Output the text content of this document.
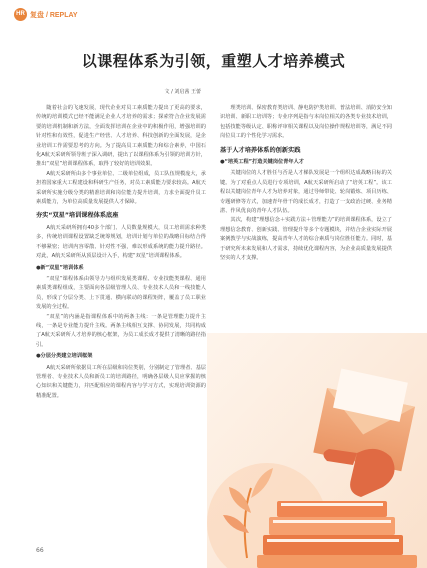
HR 复盘 / REPLAY
以课程体系为引领，重塑人才培养模式
文 / 刘启茜 王蕾

随着社会的飞速发展，现代企业对员工素质能力提出了更高的要求，传统的培训模式已经不能满足企业人才培养的需求；探索符合企业发展需要的培训机制和新方法，全面发挥培训在企业中的积极作用，增强培训的针对性和有效性，促进生产经营、人才培养、科技创新的全面发展，是企业培训工作需要思考的方向。为了提高员工素质能力和综合素养，中国石化A航天采研所领导班子深入调研，提出了以课程体系为引领的培训方针，推出“双星”培训课程体系，取得了较好的培训效果。

A航天采研所由多个事业单位、二级单位组成，员工队伍规模庞大，承担着国家重大工程建设和科研生产任务，对员工素质能力要求较高。A航天采研所实施分级分类的精准培训和岗位能力提升培训，力求全面提升员工素质能力，为单位高质量发展提供人才保障。

夯实“双星”培训课程体系底座

A航天采研所拥有40多个部门、人员数量规模大，员工培训需求种类多，传统培训课程设置缺乏统筹规划，培训计划与单位的战略目标结合得不够紧密；培训内容零散、针对性不强，难以形成系统的能力提升路径。对此，A航天采研所从顶层设计入手，构建“双星”培训课程体系。

●新“双星”培训体系

“双星”课程体系由领导力与组织发展类课程、专业技能类课程、通用素质类课程组成，主要面向各层级管理人员、专业技术人员和一线技能人员，形成了分层分类、上下贯通、横向联动的课程矩阵，覆盖了员工职业发展的全过程。

“双星”的内涵是指课程体系中的两条主线：一条是管理能力提升主线，一条是专业能力提升主线。两条主线相互支撑、协同发展，共同构成了A航天采研所人才培养的核心框架，为员工成长成才提供了清晰的路径指引。

●分层分类建立培训框架

A航天采研所依据员工所在层级和岗位类别，分别制定了管理者、基层管理者、专业技术人员和新员工的培训路径，明确各层级人员应掌握的核心知识和关键能力，并匹配相应的课程内容与学习方式，实现培训资源的精准配置。

理类培训、保密教育类培训、静电防护类培训、普法培训、消防安全知识培训、新职工培训等；专业序列是指与本岗位相关的各类专业技术培训，包括技能等级认定、职称评审相关课程以及岗位操作规程培训等，满足不同岗位员工的个性化学习需求。

基于人才培养体系的创新实践

●“培英工程”打造关键岗位青年人才

关键岗位的人才胜任与否是人才梯队发展是一个组织达成战略目标的关键。为了对重点人员进行专项培训，A航天采研所启动了“培英工程”。该工程以关键岗位青年人才为培养对象，通过导师带徒、轮岗锻炼、项目历练、专题研修等方式，加速青年骨干的成长成才，打造了一支政治过硬、业务精湛、作风优良的青年人才队伍。

其次，构建“理想信念＋实践方法＋管理能力”的培训课程体系，设立了理想信念教育、创新实践、管理提升等多个专题模块，并结合企业实际开展案例教学与实战演练，提高青年人才的综合素质与岗位胜任能力。同时，基于研究所未来发展和人才需求，持续优化课程内容，为企业高质量发展提供坚实的人才支撑。

66
